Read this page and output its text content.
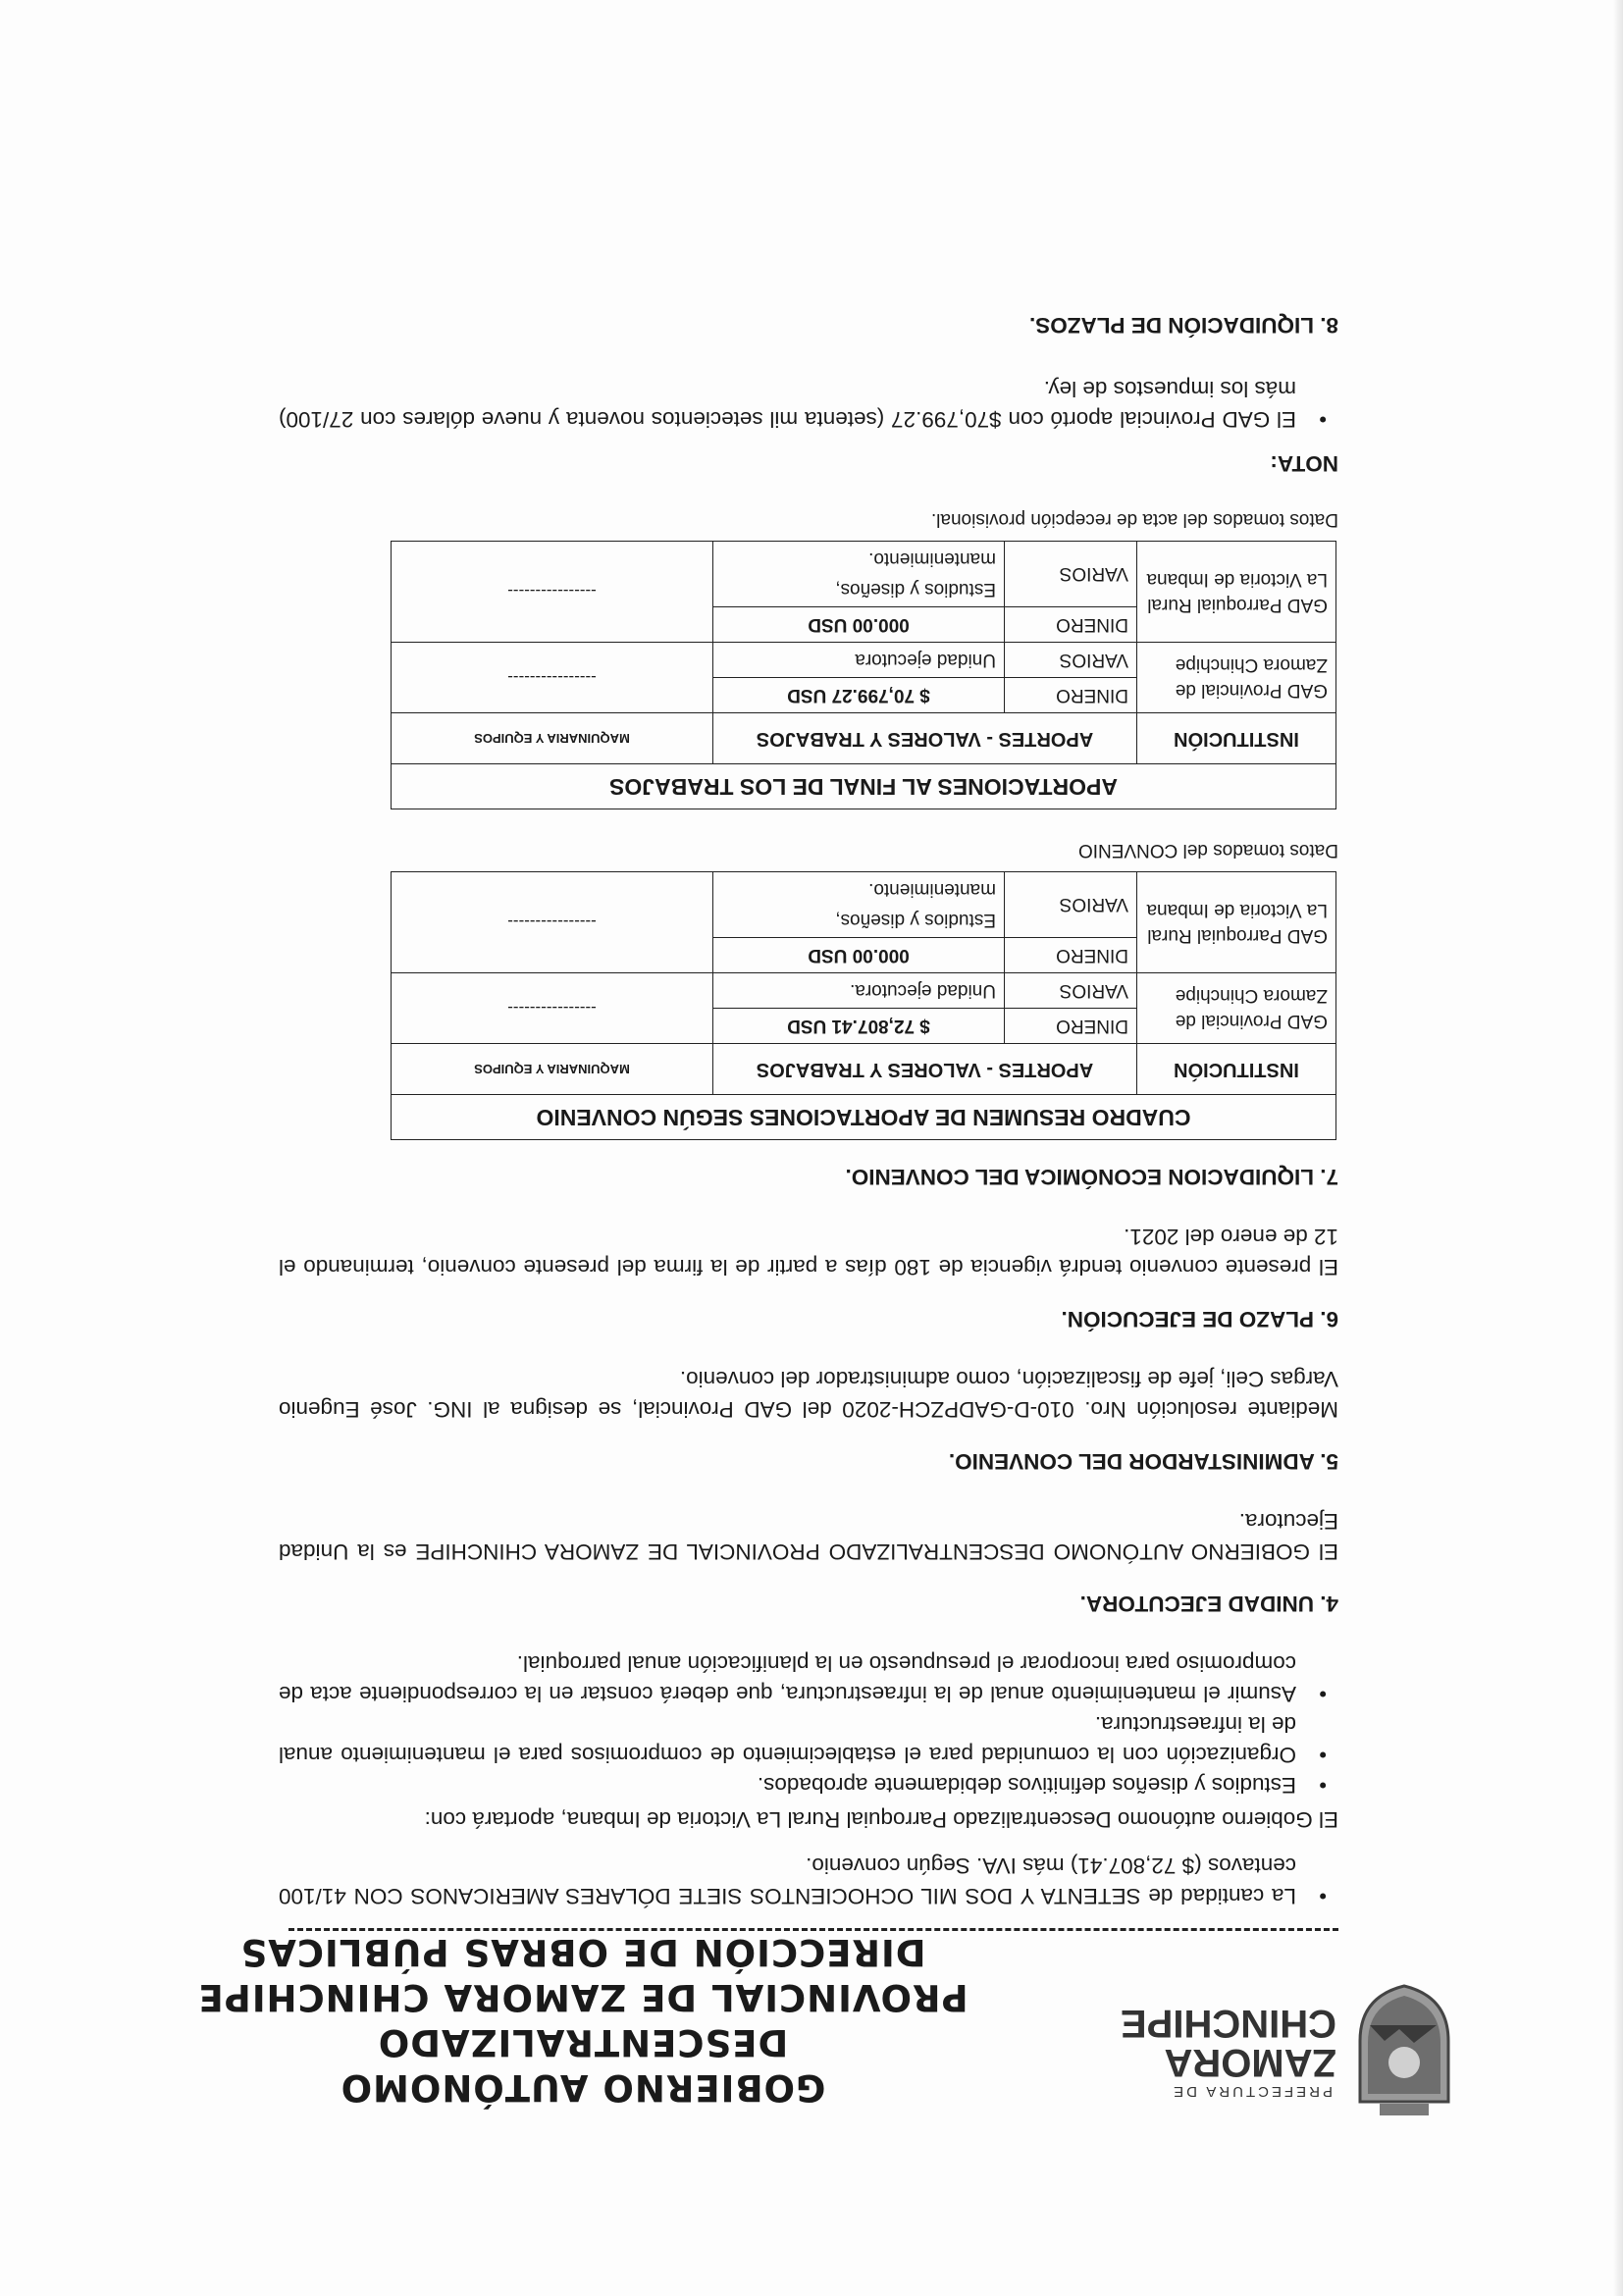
PREFECTURA DE
ZAMORA
CHINCHIPE
GOBIERNO AUTÓNOMO DESCENTRALIZADO
PROVINCIAL DE ZAMORA CHINCHIPE
DIRECCIÓN DE OBRAS PÚBLICAS

• La cantidad de SETENTA Y DOS MIL OCHOCIENTOS SIETE DÓLARES AMERICANOS CON 41/100 centavos ($ 72,807.41) más IVA. Según convenio.

El Gobierno autónomo Descentralizado Parroquial Rural La Victoria de Imbana, aportará con:

• Estudios y diseños definitivos debidamente aprobados.

• Organización con la comunidad para el establecimiento de compromisos para el mantenimiento anual de la infraestructura.

• Asumir el mantenimiento anual de la infraestructura, que deberá constar en la correspondiente acta de compromiso para incorporar el presupuesto en la planificación anual parroquial.

4. UNIDAD EJECUTORA.

El GOBIERNO AUTÓNOMO DESCENTRALIZADO PROVINCIAL DE ZAMORA CHINCHIPE es la Unidad Ejecutora.

5. ADMINISTARDOR DEL CONVENIO.

Mediante resolución Nro. 010-D-GADPZCH-2020 del GAD Provincial, se designa al ING. José Eugenio Vargas Celi, jefe de fiscalización, como administrador del convenio.

6. PLAZO DE EJECUCIÓN.

El presente convenio tendrá vigencia de 180 días a partir de la firma del presente convenio, terminando el 12 de enero del 2021.

7. LIQUIDACION ECONÓMICA DEL CONVENIO.

CUADRO RESUMEN DE APORTACIONES SEGÚN CONVENIO			
INSTITUCIÓN	APORTES - VALORES Y TRABAJOS		MAQUINARIA Y EQUIPOS
GAD Provincial de Zamora Chinchipe	DINERO	$ 72,807.41 USD	----------------
	VARIOS	Unidad ejecutora.	
GAD Parroquial Rural La Victoria de Imbana	DINERO	000.00 USD	----------------
	VARIOS	Estudios y diseños, mantenimiento.	

Datos tomados del CONVENIO

APORTACIONES AL FINAL DE LOS TRABAJOS			
INSTITUCIÓN	APORTES - VALORES Y TRABAJOS		MAQUINARIA Y EQUIPOS
GAD Provincial de Zamora Chinchipe	DINERO	$ 70,799.27 USD	----------------
	VARIOS	Unidad ejecutora	
GAD Parroquial Rural La Victoria de Imbana	DINERO	000.00 USD	----------------
	VARIOS	Estudios y diseños, mantenimiento.	

Datos tomados del acta de recepción provisional.

NOTA:

• El GAD Provincial aportó con $70,799.27 (setenta mil setecientos noventa y nueve dólares con 27/100) más los impuestos de ley.

8. LIQUIDACIÓN DE PLAZOS.
